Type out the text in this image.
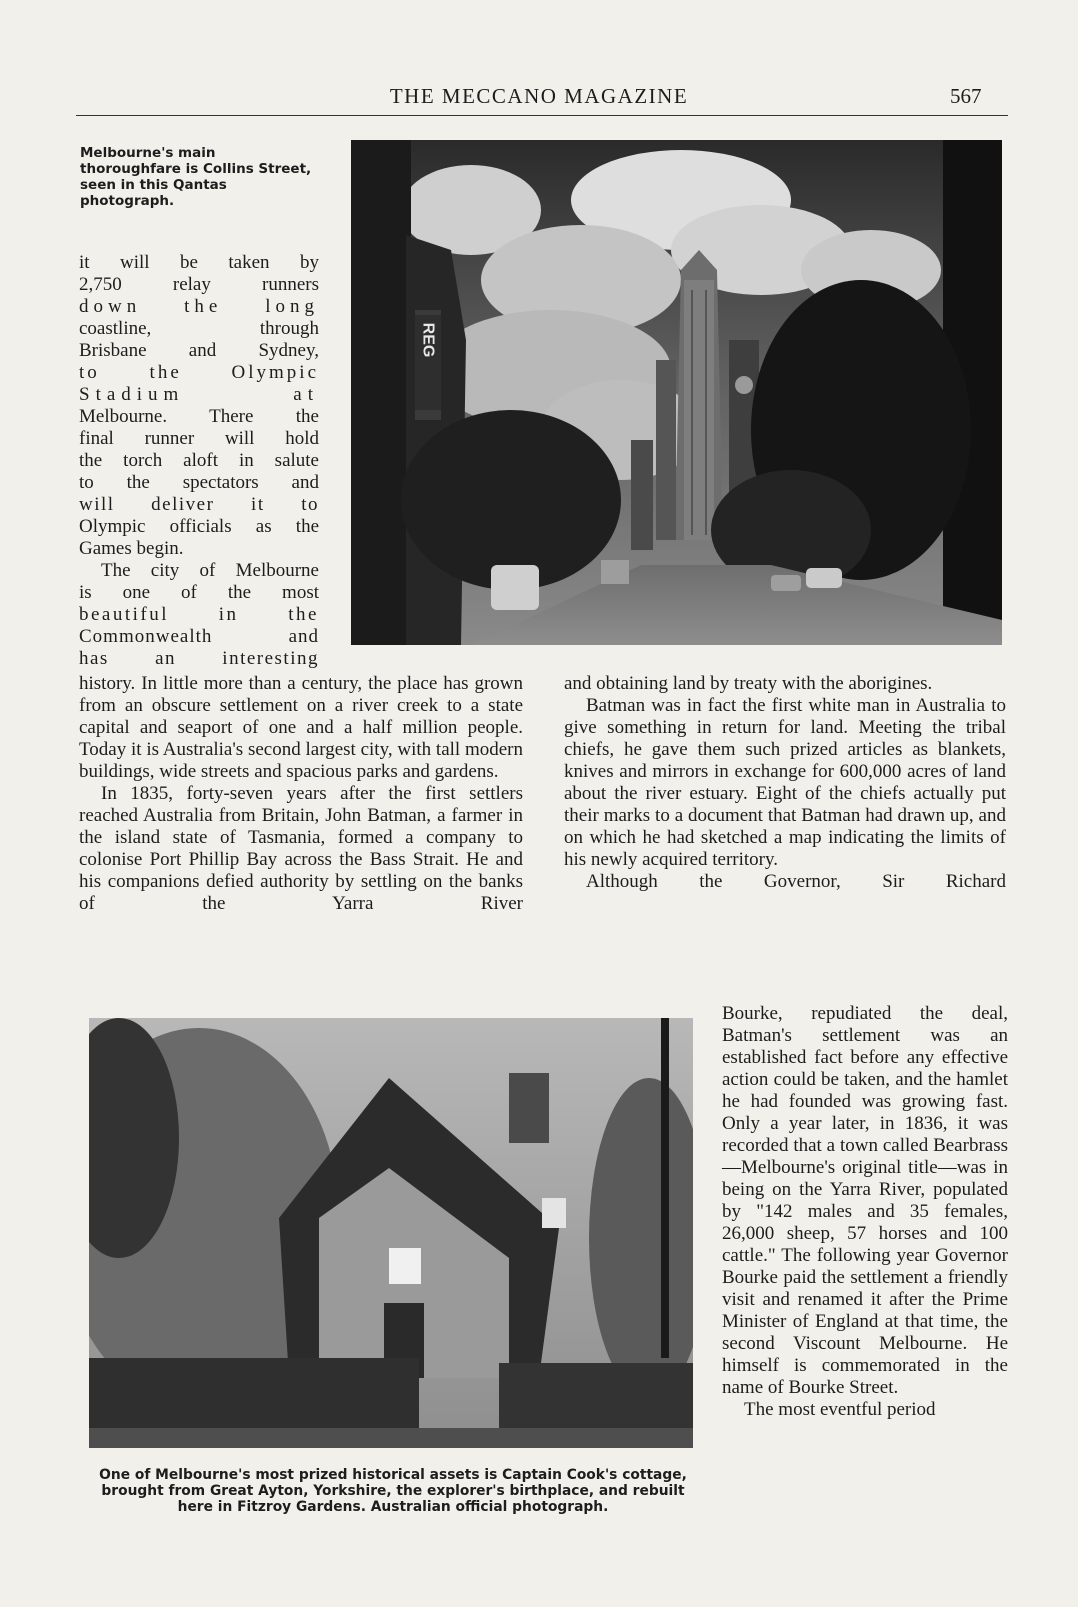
THE MECCANO MAGAZINE	567
Melbourne's main thoroughfare is Collins Street, seen in this Qantas photograph.
REG
it will be taken by
2,750 relay runners
down the long
coastline, through
Brisbane and Sydney,
to the Olympic
Stadium at
Melbourne. There the
final runner will hold
the torch aloft in salute
to the spectators and
will deliver it to
Olympic officials as the
Games begin.
The city of Melbourne
is one of the most
beautiful in the
Commonwealth and
has an interesting
history. In little more than a century, the place has grown from an obscure settlement on a river creek to a state capital and seaport of one and a half million people. Today it is Australia's second largest city, with tall modern buildings, wide streets and spacious parks and gardens.
In 1835, forty-seven years after the first settlers reached Australia from Britain, John Batman, a farmer in the island state of Tasmania, formed a company to colonise Port Phillip Bay across the Bass Strait. He and his companions defied authority by settling on the banks of the Yarra River
and obtaining land by treaty with the aborigines.
Batman was in fact the first white man in Australia to give something in return for land. Meeting the tribal chiefs, he gave them such prized articles as blankets, knives and mirrors in exchange for 600,000 acres of land about the river estuary. Eight of the chiefs actually put their marks to a document that Batman had drawn up, and on which he had sketched a map indicating the limits of his newly acquired territory.
Although the Governor, Sir Richard
Bourke, repudiated the deal, Batman's settlement was an established fact before any effective action could be taken, and the hamlet he had founded was growing fast. Only a year later, in 1836, it was recorded that a town called Bearbrass—Melbourne's original title—was in being on the Yarra River, populated by "142 males and 35 females, 26,000 sheep, 57 horses and 100 cattle." The following year Governor Bourke paid the settlement a friendly visit and renamed it after the Prime Minister of England at that time, the second Viscount Melbourne. He himself is commemorated in the name of Bourke Street.
The most eventful period
One of Melbourne's most prized historical assets is Captain Cook's cottage, brought from Great Ayton, Yorkshire, the explorer's birthplace, and rebuilt here in Fitzroy Gardens. Australian official photograph.
